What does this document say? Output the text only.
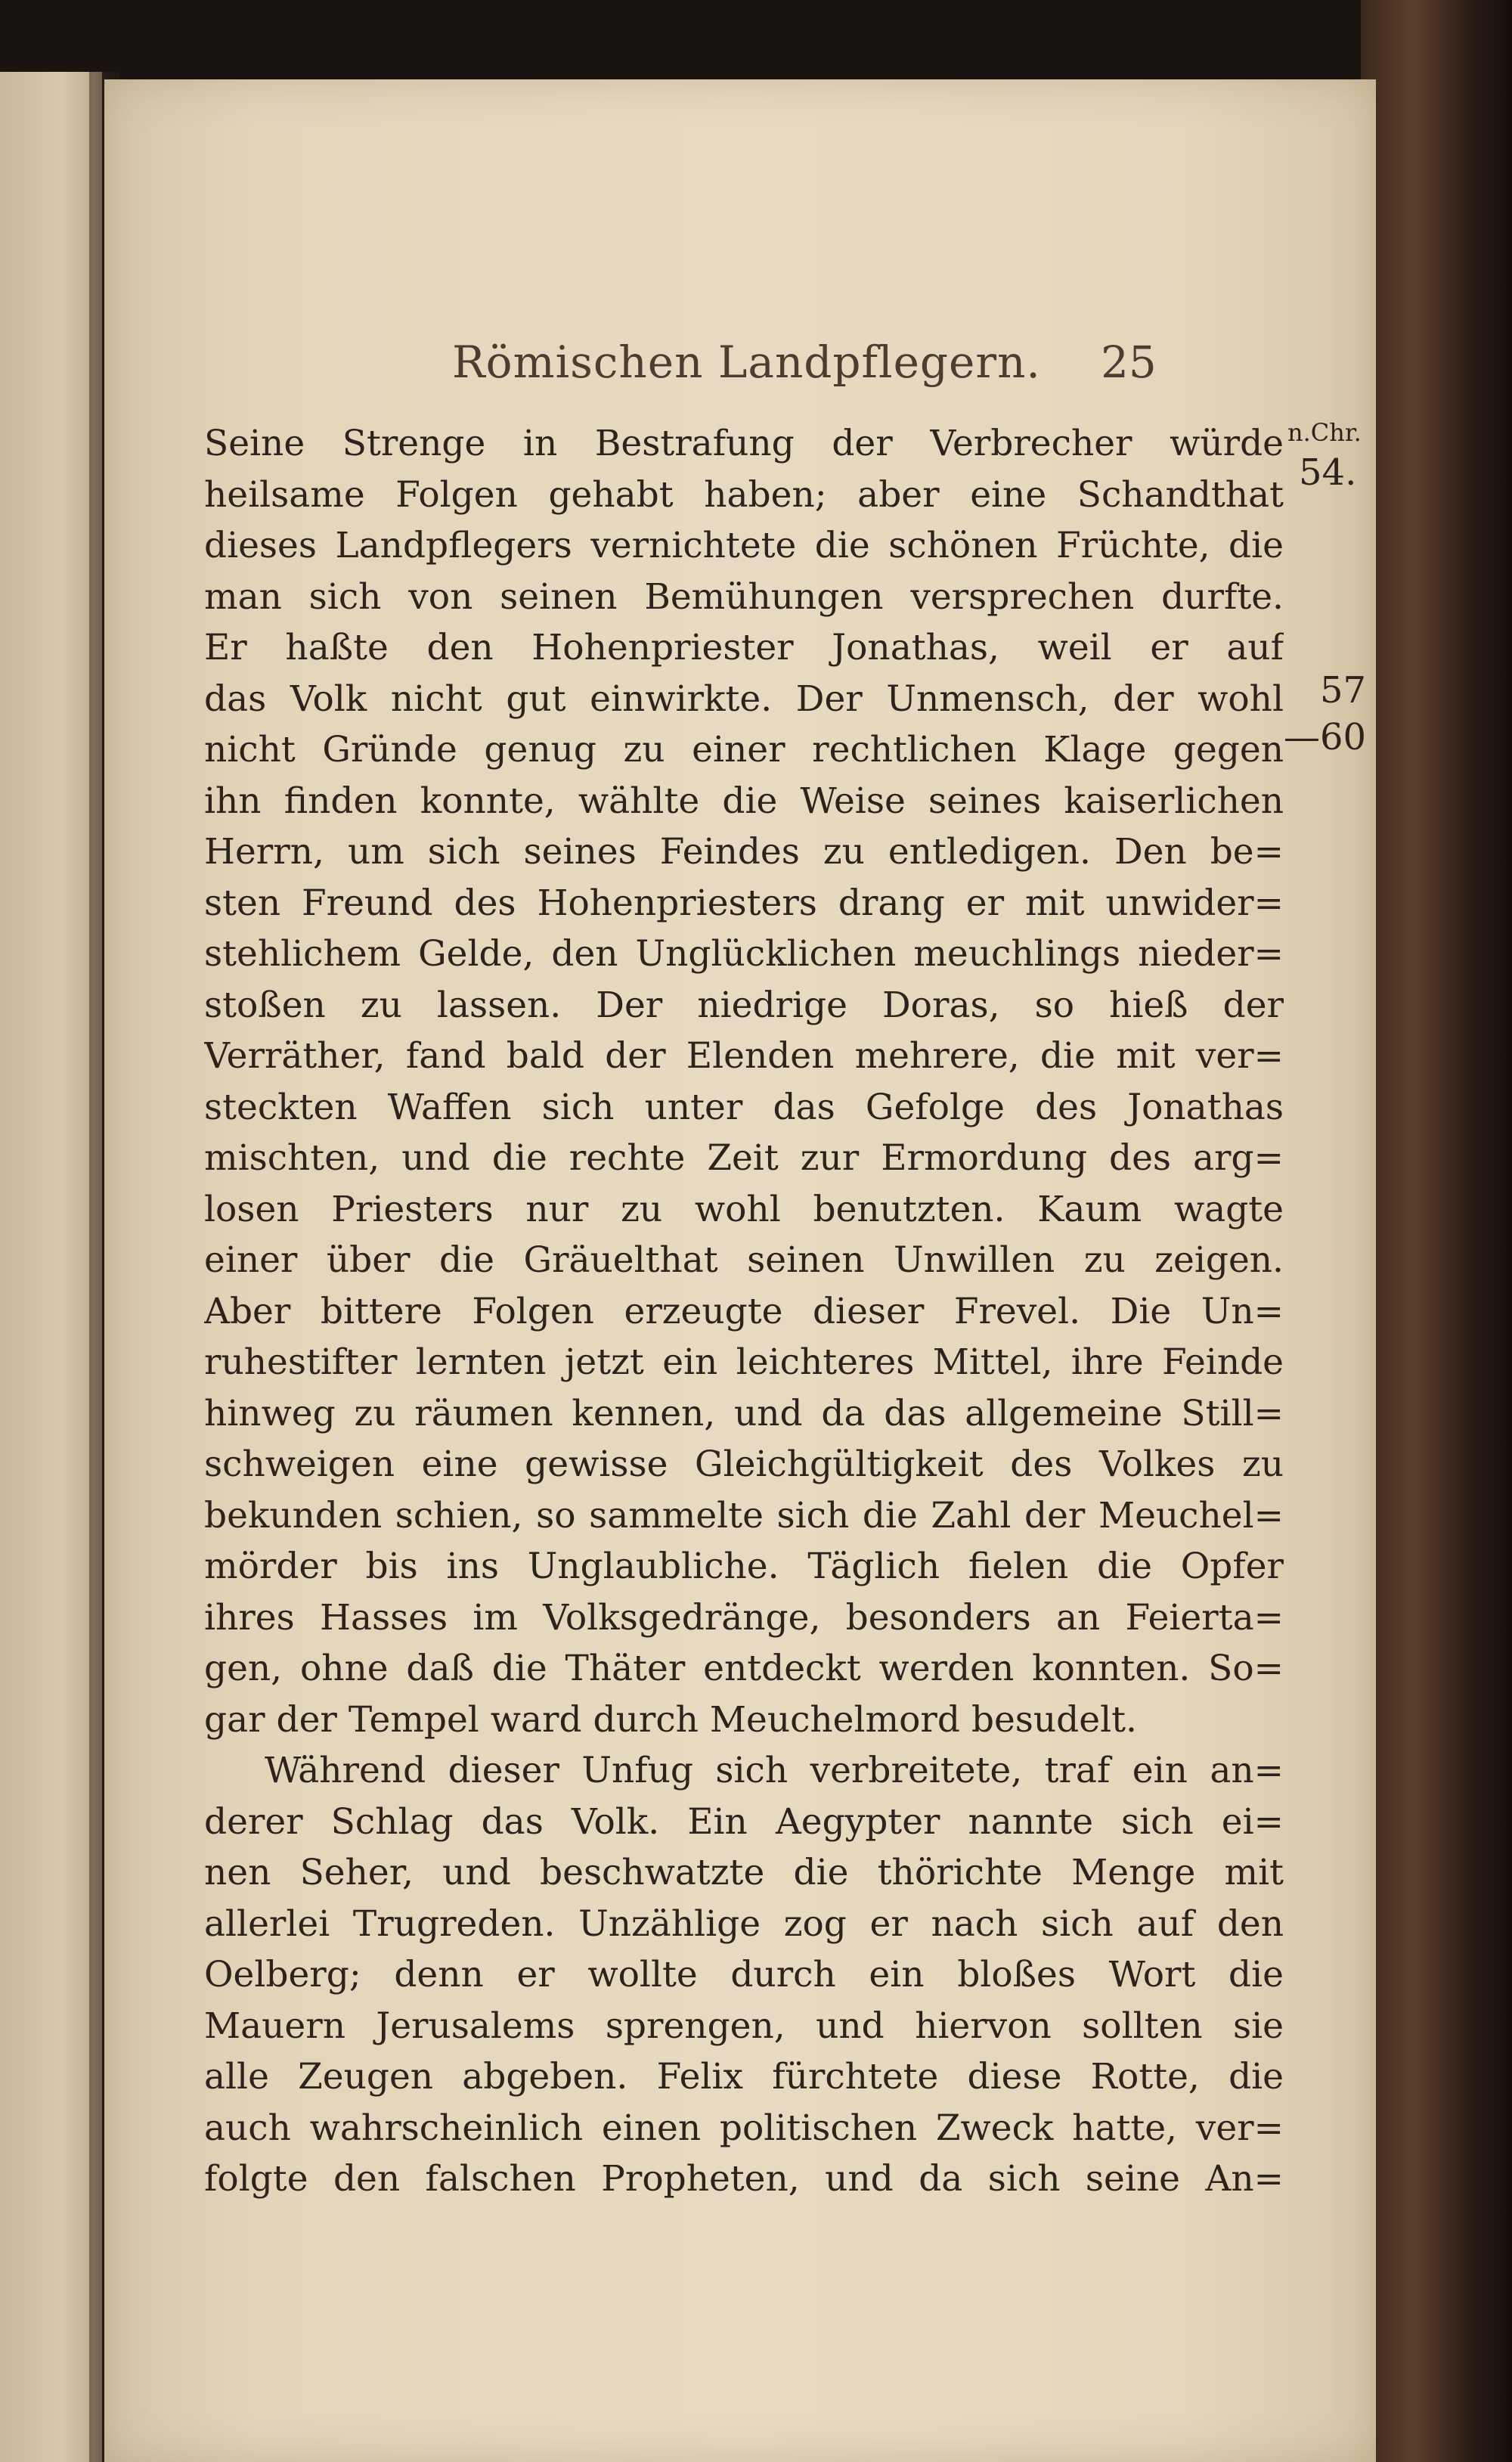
Römischen Landpflegern. 25
n.Chr.
54.
57
—60
Seine Strenge in Bestrafung der Verbrecher würde
heilsame Folgen gehabt haben; aber eine Schandthat
dieses Landpflegers vernichtete die schönen Früchte, die
man sich von seinen Bemühungen versprechen durfte.
Er haßte den Hohenpriester Jonathas, weil er auf
das Volk nicht gut einwirkte. Der Unmensch, der wohl
nicht Gründe genug zu einer rechtlichen Klage gegen
ihn finden konnte, wählte die Weise seines kaiserlichen
Herrn, um sich seines Feindes zu entledigen. Den be=
sten Freund des Hohenpriesters drang er mit unwider=
stehlichem Gelde, den Unglücklichen meuchlings nieder=
stoßen zu lassen. Der niedrige Doras, so hieß der
Verräther, fand bald der Elenden mehrere, die mit ver=
steckten Waffen sich unter das Gefolge des Jonathas
mischten, und die rechte Zeit zur Ermordung des arg=
losen Priesters nur zu wohl benutzten. Kaum wagte
einer über die Gräuelthat seinen Unwillen zu zeigen.
Aber bittere Folgen erzeugte dieser Frevel. Die Un=
ruhestifter lernten jetzt ein leichteres Mittel, ihre Feinde
hinweg zu räumen kennen, und da das allgemeine Still=
schweigen eine gewisse Gleichgültigkeit des Volkes zu
bekunden schien, so sammelte sich die Zahl der Meuchel=
mörder bis ins Unglaubliche. Täglich fielen die Opfer
ihres Hasses im Volksgedränge, besonders an Feierta=
gen, ohne daß die Thäter entdeckt werden konnten. So=
gar der Tempel ward durch Meuchelmord besudelt.
Während dieser Unfug sich verbreitete, traf ein an=
derer Schlag das Volk. Ein Aegypter nannte sich ei=
nen Seher, und beschwatzte die thörichte Menge mit
allerlei Trugreden. Unzählige zog er nach sich auf den
Oelberg; denn er wollte durch ein bloßes Wort die
Mauern Jerusalems sprengen, und hiervon sollten sie
alle Zeugen abgeben. Felix fürchtete diese Rotte, die
auch wahrscheinlich einen politischen Zweck hatte, ver=
folgte den falschen Propheten, und da sich seine An=
